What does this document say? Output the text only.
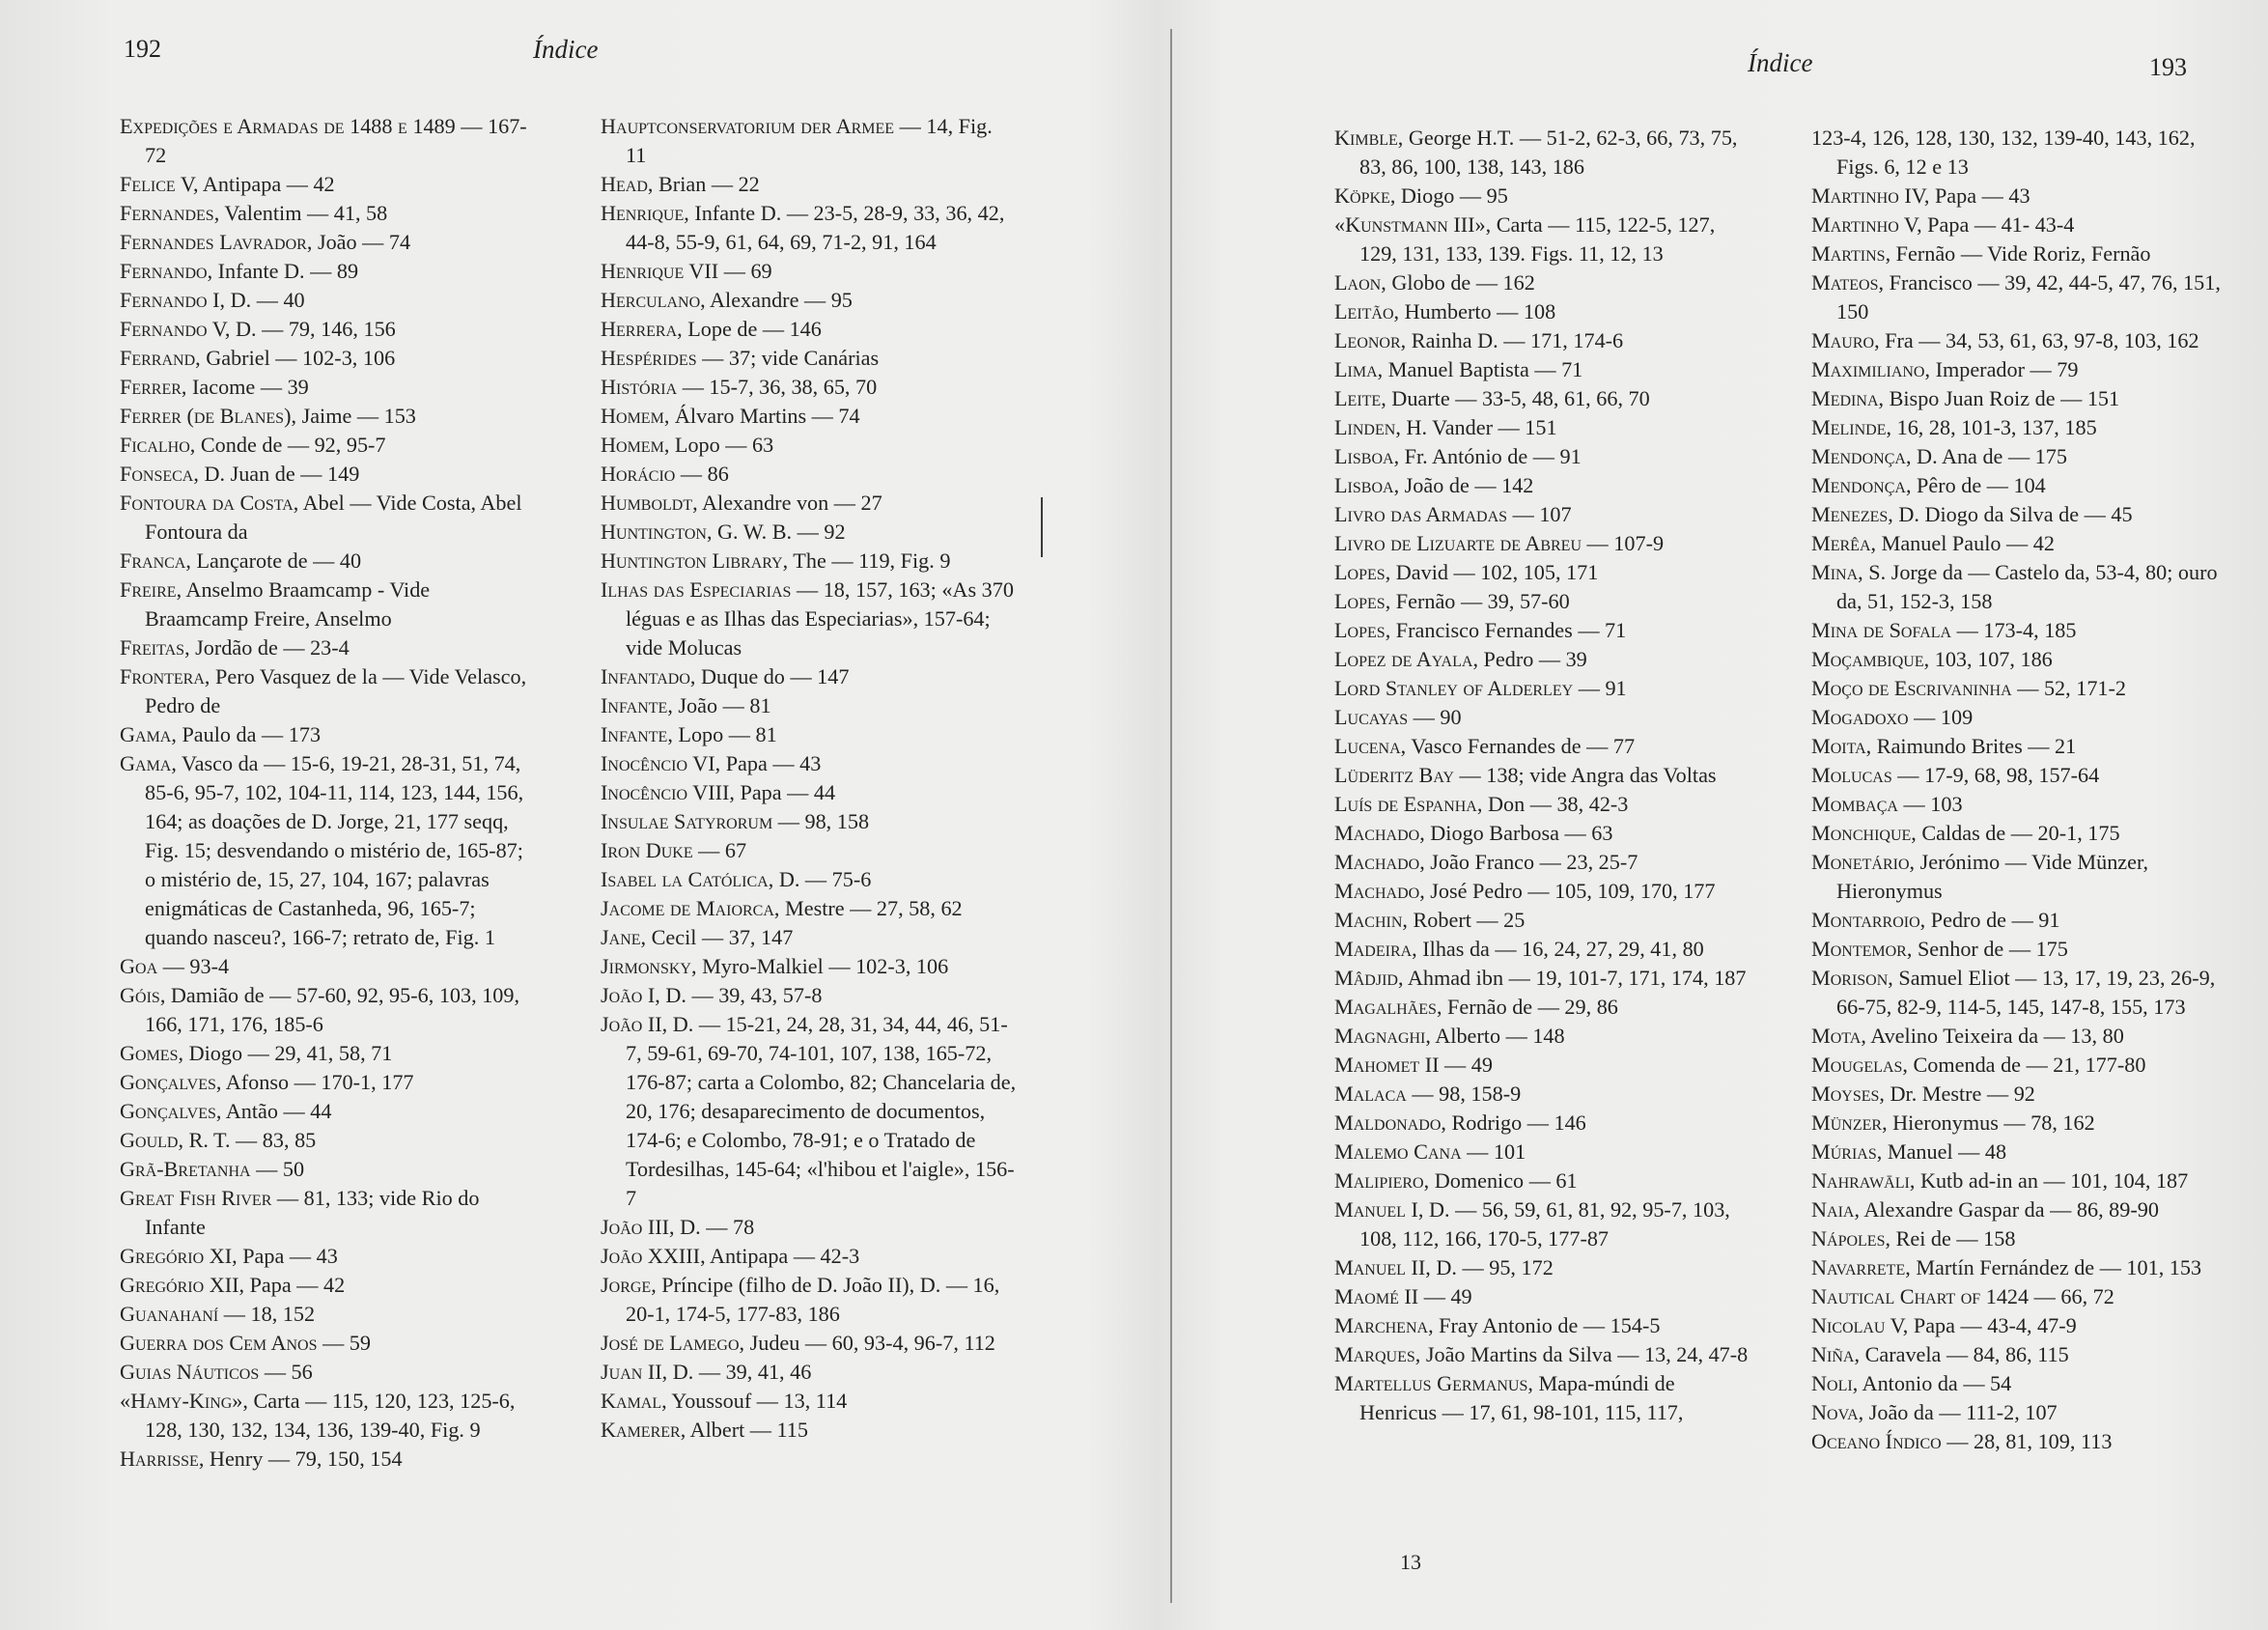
192	Índice
Expedições e Armadas de 1488 e 1489 — 167-72
Felice V, Antipapa — 42
Fernandes, Valentim — 41, 58
Fernandes Lavrador, João — 74
Fernando, Infante D. — 89
Fernando I, D. — 40
Fernando V, D. — 79, 146, 156
Ferrand, Gabriel — 102-3, 106
Ferrer, Iacome — 39
Ferrer (de Blanes), Jaime — 153
Ficalho, Conde de — 92, 95-7
Fonseca, D. Juan de — 149
Fontoura da Costa, Abel — Vide Costa, Abel Fontoura da
Franca, Lançarote de — 40
Freire, Anselmo Braamcamp - Vide Braamcamp Freire, Anselmo
Freitas, Jordão de — 23-4
Frontera, Pero Vasquez de la — Vide Velasco, Pedro de
Gama, Paulo da — 173
Gama, Vasco da — 15-6, 19-21, 28-31, 51, 74, 85-6, 95-7, 102, 104-11, 114, 123, 144, 156, 164; as doações de D. Jorge, 21, 177 seqq, Fig. 15; desvendando o mistério de, 165-87; o mistério de, 15, 27, 104, 167; palavras enigmáticas de Castanheda, 96, 165-7; quando nasceu?, 166-7; retrato de, Fig. 1
Goa — 93-4
Góis, Damião de — 57-60, 92, 95-6, 103, 109, 166, 171, 176, 185-6
Gomes, Diogo — 29, 41, 58, 71
Gonçalves, Afonso — 170-1, 177
Gonçalves, Antão — 44
Gould, R. T. — 83, 85
Grã-Bretanha — 50
Great Fish River — 81, 133; vide Rio do Infante
Gregório XI, Papa — 43
Gregório XII, Papa — 42
Guanahaní — 18, 152
Guerra dos Cem Anos — 59
Guias Náuticos — 56
«Hamy-King», Carta — 115, 120, 123, 125-6, 128, 130, 132, 134, 136, 139-40, Fig. 9
Harrisse, Henry — 79, 150, 154
Hauptconservatorium der Armee — 14, Fig. 11
Head, Brian — 22
Henrique, Infante D. — 23-5, 28-9, 33, 36, 42, 44-8, 55-9, 61, 64, 69, 71-2, 91, 164
Henrique VII — 69
Herculano, Alexandre — 95
Herrera, Lope de — 146
Hespérides — 37; vide Canárias
História — 15-7, 36, 38, 65, 70
Homem, Álvaro Martins — 74
Homem, Lopo — 63
Horácio — 86
Humboldt, Alexandre von — 27
Huntington, G. W. B. — 92
Huntington Library, The — 119, Fig. 9
Ilhas das Especiarias — 18, 157, 163; «As 370 léguas e as Ilhas das Especiarias», 157-64; vide Molucas
Infantado, Duque do — 147
Infante, João — 81
Infante, Lopo — 81
Inocêncio VI, Papa — 43
Inocêncio VIII, Papa — 44
Insulae Satyrorum — 98, 158
Iron Duke — 67
Isabel la Católica, D. — 75-6
Jacome de Maiorca, Mestre — 27, 58, 62
Jane, Cecil — 37, 147
Jirmonsky, Myro-Malkiel — 102-3, 106
João I, D. — 39, 43, 57-8
João II, D. — 15-21, 24, 28, 31, 34, 44, 46, 51-7, 59-61, 69-70, 74-101, 107, 138, 165-72, 176-87; carta a Colombo, 82; Chancelaria de, 20, 176; desaparecimento de documentos, 174-6; e Colombo, 78-91; e o Tratado de Tordesilhas, 145-64; «l'hibou et l'aigle», 156-7
João III, D. — 78
João XXIII, Antipapa — 42-3
Jorge, Príncipe (filho de D. João II), D. — 16, 20-1, 174-5, 177-83, 186
José de Lamego, Judeu — 60, 93-4, 96-7, 112
Juan II, D. — 39, 41, 46
Kamal, Youssouf — 13, 114
Kamerer, Albert — 115
Índice	193
Kimble, George H.T. — 51-2, 62-3, 66, 73, 75, 83, 86, 100, 138, 143, 186
Köpke, Diogo — 95
«Kunstmann III», Carta — 115, 122-5, 127, 129, 131, 133, 139. Figs. 11, 12, 13
Laon, Globo de — 162
Leitão, Humberto — 108
Leonor, Rainha D. — 171, 174-6
Lima, Manuel Baptista — 71
Leite, Duarte — 33-5, 48, 61, 66, 70
Linden, H. Vander — 151
Lisboa, Fr. António de — 91
Lisboa, João de — 142
Livro das Armadas — 107
Livro de Lizuarte de Abreu — 107-9
Lopes, David — 102, 105, 171
Lopes, Fernão — 39, 57-60
Lopes, Francisco Fernandes — 71
Lopez de Ayala, Pedro — 39
Lord Stanley of Alderley — 91
Lucayas — 90
Lucena, Vasco Fernandes de — 77
Lüderitz Bay — 138; vide Angra das Voltas
Luís de Espanha, Don — 38, 42-3
Machado, Diogo Barbosa — 63
Machado, João Franco — 23, 25-7
Machado, José Pedro — 105, 109, 170, 177
Machin, Robert — 25
Madeira, Ilhas da — 16, 24, 27, 29, 41, 80
Mâdjid, Ahmad ibn — 19, 101-7, 171, 174, 187
Magalhães, Fernão de — 29, 86
Magnaghi, Alberto — 148
Mahomet II — 49
Malaca — 98, 158-9
Maldonado, Rodrigo — 146
Malemo Cana — 101
Malipiero, Domenico — 61
Manuel I, D. — 56, 59, 61, 81, 92, 95-7, 103, 108, 112, 166, 170-5, 177-87
Manuel II, D. — 95, 172
Maomé II — 49
Marchena, Fray Antonio de — 154-5
Marques, João Martins da Silva — 13, 24, 47-8
Martellus Germanus, Mapa-múndi de Henricus — 17, 61, 98-101, 115, 117,
123-4, 126, 128, 130, 132, 139-40, 143, 162, Figs. 6, 12 e 13
Martinho IV, Papa — 43
Martinho V, Papa — 41- 43-4
Martins, Fernão — Vide Roriz, Fernão
Mateos, Francisco — 39, 42, 44-5, 47, 76, 151, 150
Mauro, Fra — 34, 53, 61, 63, 97-8, 103, 162
Maximiliano, Imperador — 79
Medina, Bispo Juan Roiz de — 151
Melinde, 16, 28, 101-3, 137, 185
Mendonça, D. Ana de — 175
Mendonça, Pêro de — 104
Menezes, D. Diogo da Silva de — 45
Merêa, Manuel Paulo — 42
Mina, S. Jorge da — Castelo da, 53-4, 80; ouro da, 51, 152-3, 158
Mina de Sofala — 173-4, 185
Moçambique, 103, 107, 186
Moço de Escrivaninha — 52, 171-2
Mogadoxo — 109
Moita, Raimundo Brites — 21
Molucas — 17-9, 68, 98, 157-64
Mombaça — 103
Monchique, Caldas de — 20-1, 175
Monetário, Jerónimo — Vide Münzer, Hieronymus
Montarroio, Pedro de — 91
Montemor, Senhor de — 175
Morison, Samuel Eliot — 13, 17, 19, 23, 26-9, 66-75, 82-9, 114-5, 145, 147-8, 155, 173
Mota, Avelino Teixeira da — 13, 80
Mougelas, Comenda de — 21, 177-80
Moyses, Dr. Mestre — 92
Münzer, Hieronymus — 78, 162
Múrias, Manuel — 48
Nahrawāli, Kutb ad-in an — 101, 104, 187
Naia, Alexandre Gaspar da — 86, 89-90
Nápoles, Rei de — 158
Navarrete, Martín Fernández de — 101, 153
Nautical Chart of 1424 — 66, 72
Nicolau V, Papa — 43-4, 47-9
Niña, Caravela — 84, 86, 115
Noli, Antonio da — 54
Nova, João da — 111-2, 107
Oceano Índico — 28, 81, 109, 113
13
